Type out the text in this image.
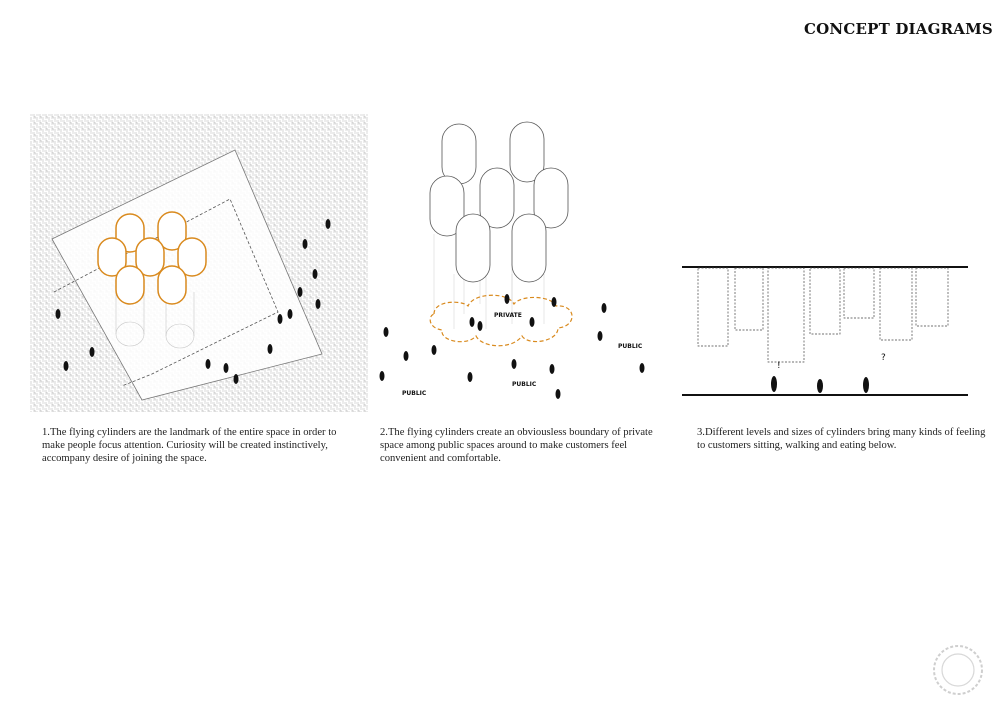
CONCEPT DIAGRAMS
PRIVATE
PUBLIC
PUBLIC
PUBLIC
!
?
1.The flying cylinders are the landmark of the entire space in order to make people focus attention. Curiosity will be created instinctively, accompany desire of joining the space.
2.The flying cylinders create an obviousless boundary of private space among public spaces around to make customers feel convenient and comfortable.
3.Different levels and sizes of cylinders bring many kinds of feeling to customers sitting, walking and eating below.
